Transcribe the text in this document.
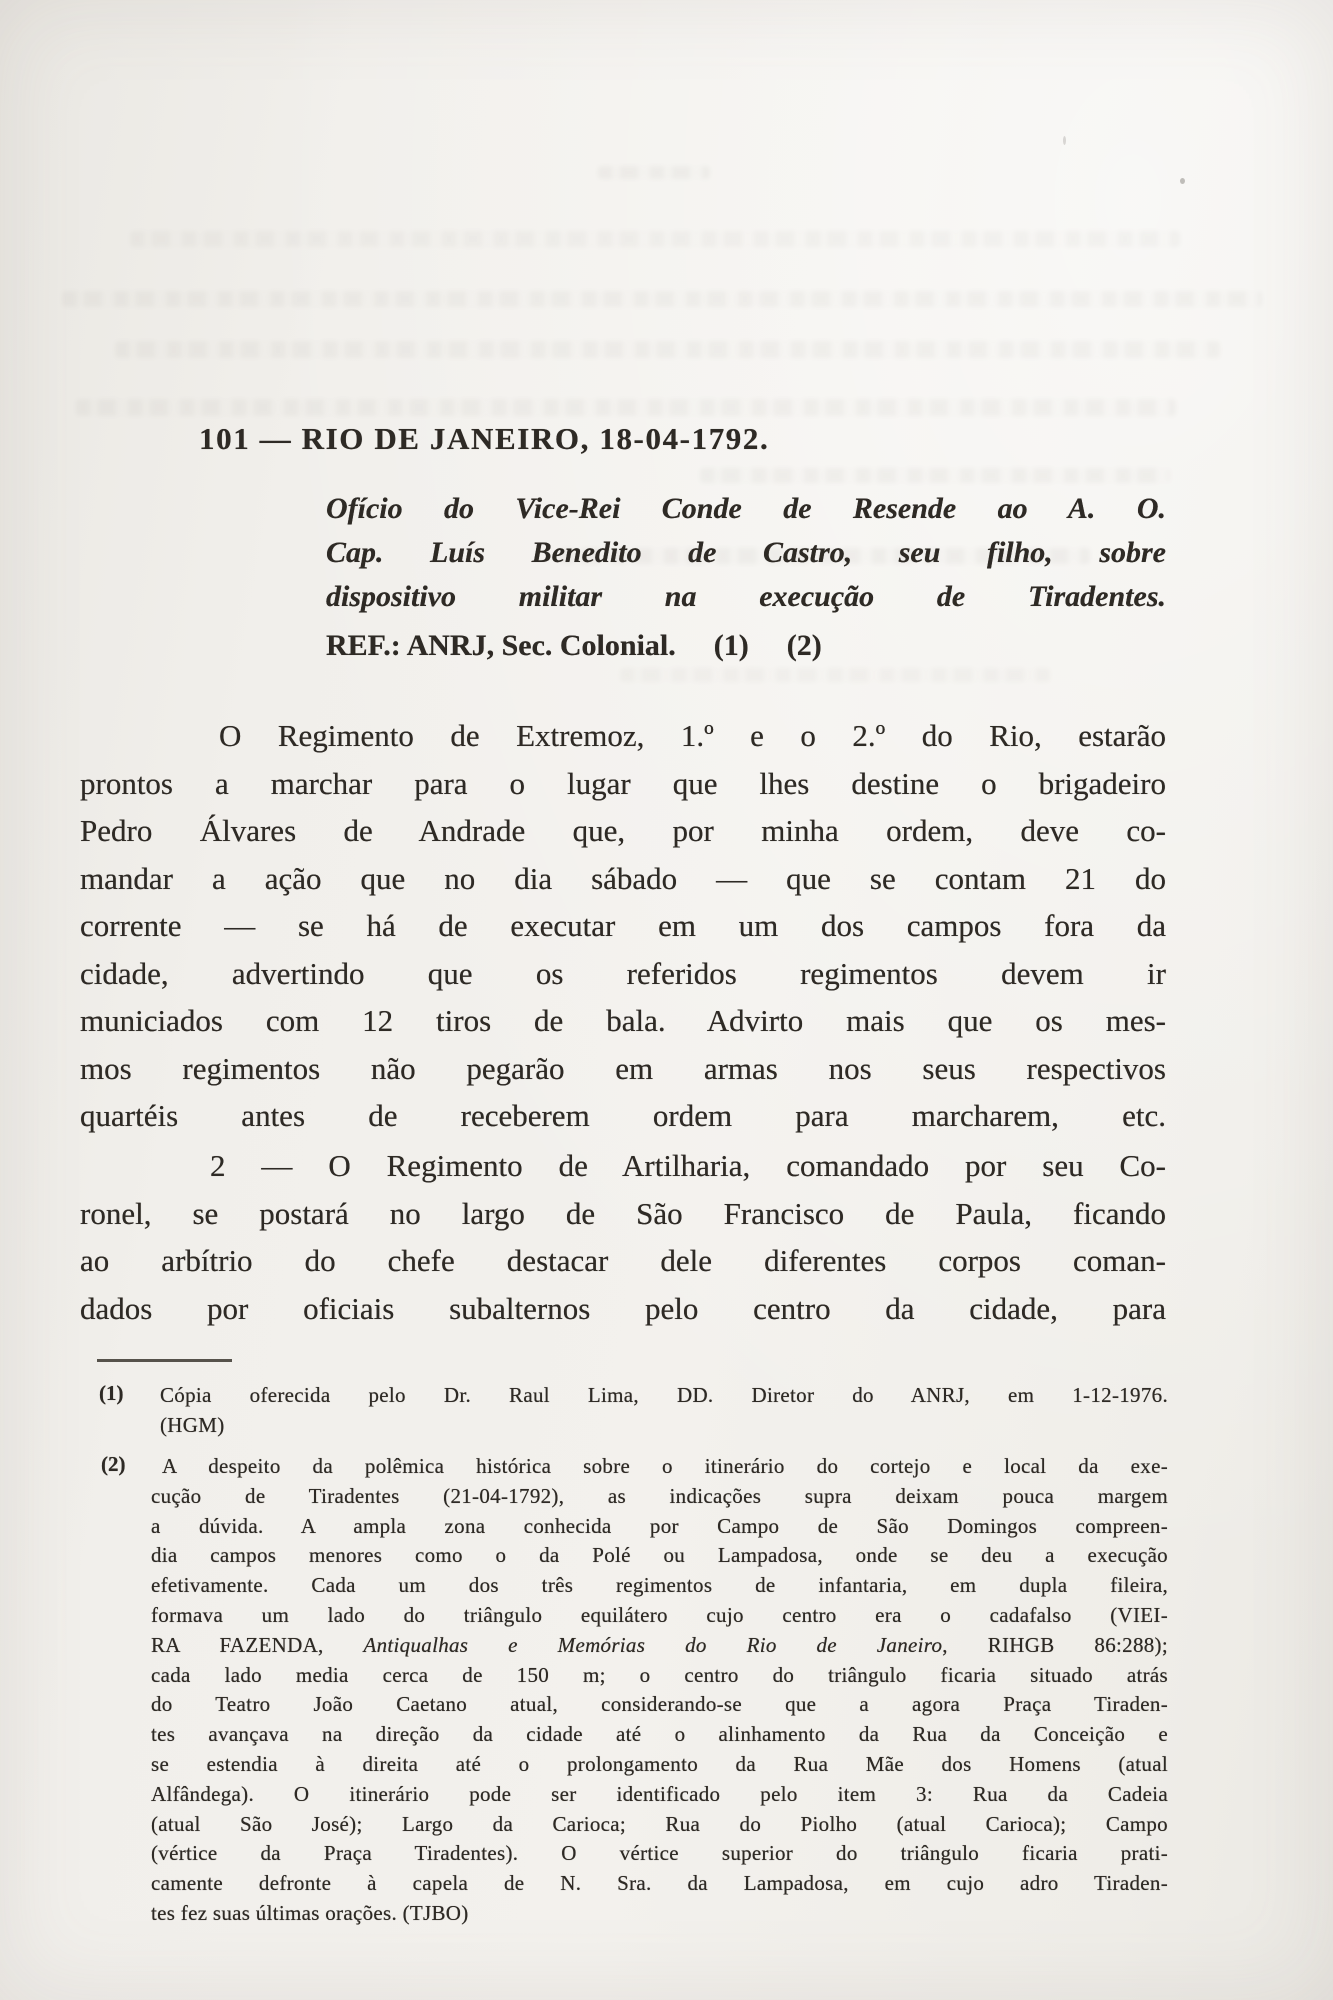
101 — RIO DE JANEIRO, 18-04-1792.
Ofício do Vice-Rei Conde de Resende ao A. O.
Cap. Luís Benedito de Castro, seu filho, sobre
dispositivo militar na execução de Tiradentes.
REF.: ANRJ, Sec. Colonial. (1) (2)
O Regimento de Extremoz, 1.º e o 2.º do Rio, estarão
prontos a marchar para o lugar que lhes destine o brigadeiro
Pedro Álvares de Andrade que, por minha ordem, deve co-
mandar a ação que no dia sábado — que se contam 21 do
corrente — se há de executar em um dos campos fora da
cidade, advertindo que os referidos regimentos devem ir
municiados com 12 tiros de bala. Advirto mais que os mes-
mos regimentos não pegarão em armas nos seus respectivos
quartéis antes de receberem ordem para marcharem, etc.
2 — O Regimento de Artilharia, comandado por seu Co-
ronel, se postará no largo de São Francisco de Paula, ficando
ao arbítrio do chefe destacar dele diferentes corpos coman-
dados por oficiais subalternos pelo centro da cidade, para
(1) Cópia oferecida pelo Dr. Raul Lima, DD. Diretor do ANRJ, em 1-12-1976.
(HGM)
(2)	A despeito da polêmica histórica sobre o itinerário do cortejo e local da exe-
cução de Tiradentes (21-04-1792), as indicações supra deixam pouca margem
a dúvida. A ampla zona conhecida por Campo de São Domingos compreen-
dia campos menores como o da Polé ou Lampadosa, onde se deu a execução
efetivamente. Cada um dos três regimentos de infantaria, em dupla fileira,
formava um lado do triângulo equilátero cujo centro era o cadafalso (VIEI-
RA FAZENDA, Antiqualhas e Memórias do Rio de Janeiro, RIHGB 86:288);
cada lado media cerca de 150 m; o centro do triângulo ficaria situado atrás
do Teatro João Caetano atual, considerando-se que a agora Praça Tiraden-
tes avançava na direção da cidade até o alinhamento da Rua da Conceição e
se estendia à direita até o prolongamento da Rua Mãe dos Homens (atual
Alfândega). O itinerário pode ser identificado pelo item 3: Rua da Cadeia
(atual São José); Largo da Carioca; Rua do Piolho (atual Carioca); Campo
(vértice da Praça Tiradentes). O vértice superior do triângulo ficaria prati-
camente defronte à capela de N. Sra. da Lampadosa, em cujo adro Tiraden-
tes fez suas últimas orações. (TJBO)
